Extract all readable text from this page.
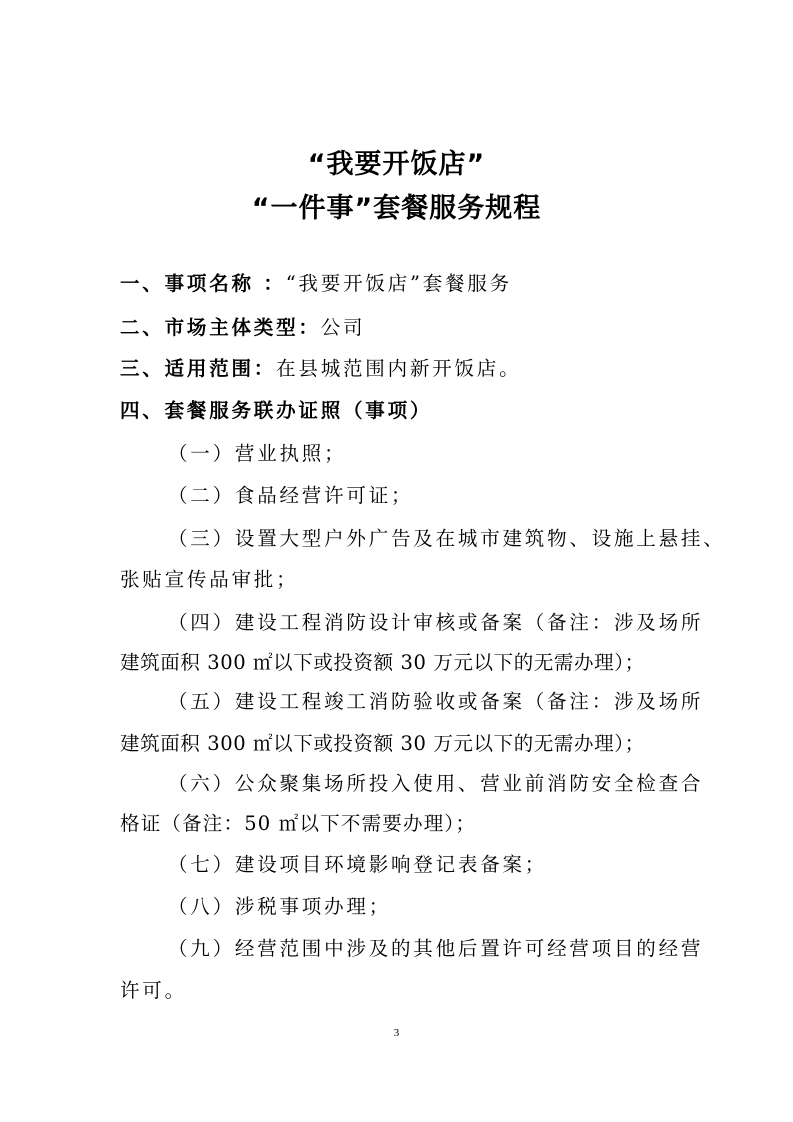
“我要开饭店”
“一件事”套餐服务规程
一、事项名称 ：“我要开饭店”套餐服务
二、市场主体类型：公司
三、适用范围：在县城范围内新开饭店。
四、套餐服务联办证照（事项）
（一）营业执照；
（二）食品经营许可证；
（三）设置大型户外广告及在城市建筑物、设施上悬挂、
张贴宣传品审批；
（四）建设工程消防设计审核或备案（备注：涉及场所
建筑面积 300 ㎡以下或投资额 30 万元以下的无需办理）；
（五）建设工程竣工消防验收或备案（备注：涉及场所
建筑面积 300 ㎡以下或投资额 30 万元以下的无需办理）；
（六）公众聚集场所投入使用、营业前消防安全检查合
格证（备注：50 ㎡以下不需要办理）；
（七）建设项目环境影响登记表备案；
（八）涉税事项办理；
（九）经营范围中涉及的其他后置许可经营项目的经营
许可。
3
